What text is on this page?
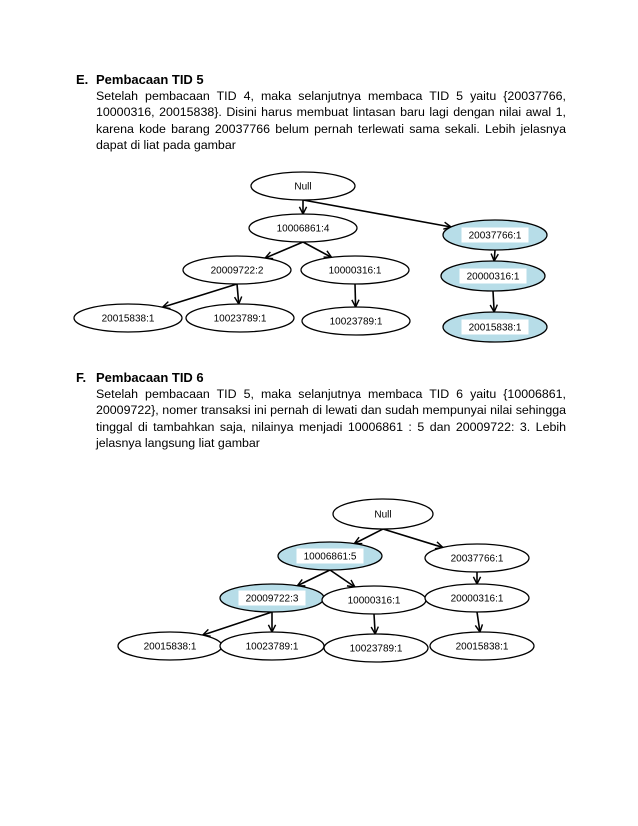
E. Pembacaan TID 5
Setelah pembacaan TID 4, maka selanjutnya membaca TID 5 yaitu {20037766, 10000316, 20015838}. Disini harus membuat lintasan baru lagi dengan nilai awal 1, karena kode barang 20037766 belum pernah terlewati sama sekali. Lebih jelasnya dapat di liat pada gambar
Null
10006861:4
20037766:1
20009722:2	10000316:1
20000316:1
20015838:1	10023789:1	10023789:1
20015838:1
F. Pembacaan TID 6
Setelah pembacaan TID 5, maka selanjutnya membaca TID 6 yaitu {10006861, 20009722}, nomer transaksi ini pernah di lewati dan sudah mempunyai nilai sehingga tinggal di tambahkan saja, nilainya menjadi 10006861 : 5 dan 20009722: 3. Lebih jelasnya langsung liat gambar
Null
10006861:5	20037766:1
20009722:3	10000316:1	20000316:1
20015838:1	10023789:1	10023789:1	20015838:1
